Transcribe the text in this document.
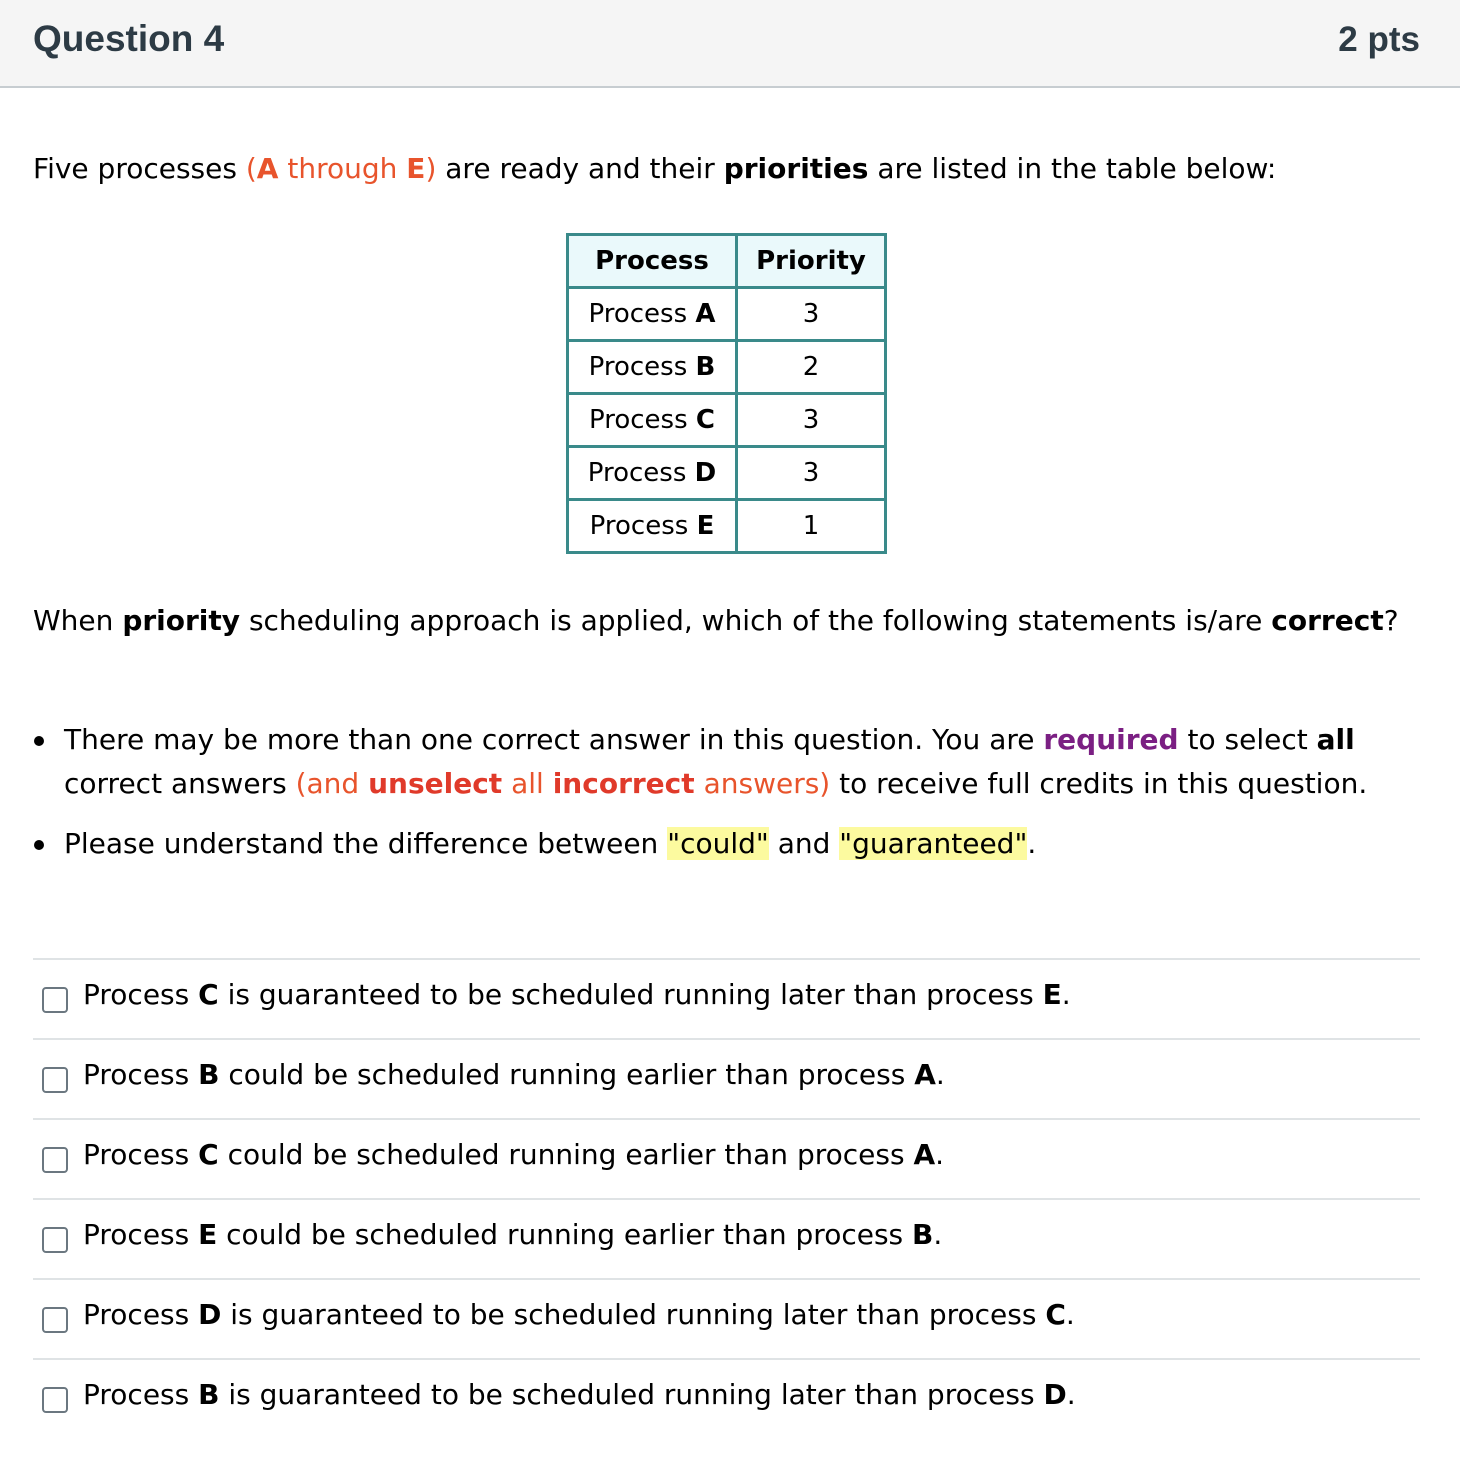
Question 4	2 pts
Five processes (A through E) are ready and their priorities are listed in the table below:
Process	Priority
Process A	3
Process B	2
Process C	3
Process D	3
Process E	1
When priority scheduling approach is applied, which of the following statements is/are correct?
There may be more than one correct answer in this question. You are required to select all correct answers (and unselect all incorrect answers) to receive full credits in this question.
Please understand the difference between "could" and "guaranteed".
Process C is guaranteed to be scheduled running later than process E.
Process B could be scheduled running earlier than process A.
Process C could be scheduled running earlier than process A.
Process E could be scheduled running earlier than process B.
Process D is guaranteed to be scheduled running later than process C.
Process B is guaranteed to be scheduled running later than process D.
